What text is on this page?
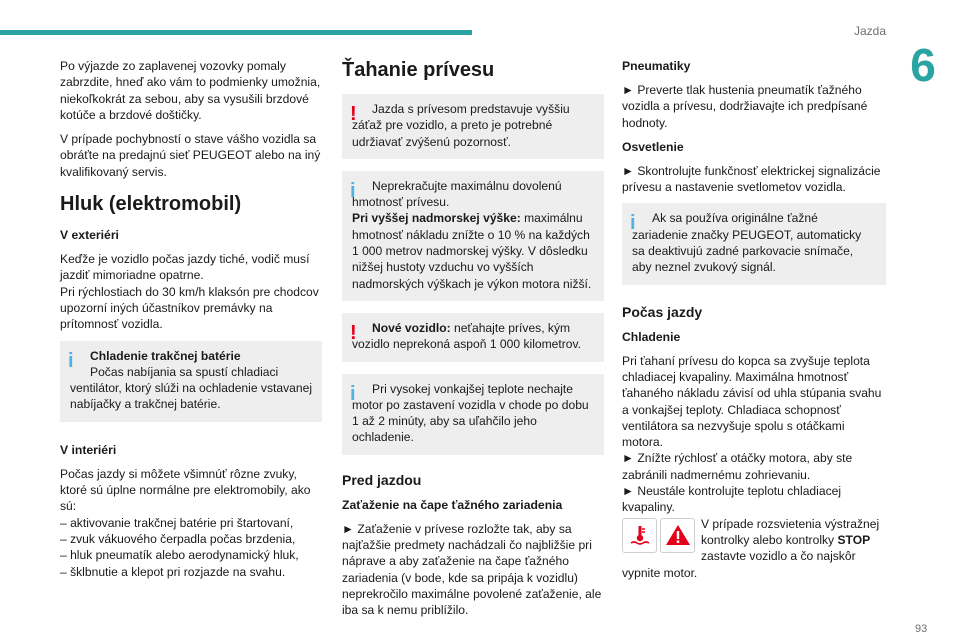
Jazda
6

Po výjazde zo zaplavenej vozovky pomaly zabrzdite, hneď ako vám to podmienky umožnia, niekoľkokrát za sebou, aby sa vysušili brzdové kotúče a brzdové doštičky.

V prípade pochybností o stave vášho vozidla sa obráťte na predajnú sieť PEUGEOT alebo na iný kvalifikovaný servis.

Hluk (elektromobil)
V exteriéri

Keďže je vozidlo počas jazdy tiché, vodič musí jazdiť mimoriadne opatrne.

Pri rýchlostiach do 30 km/h klaksón pre chodcov upozorní iných účastníkov premávky na prítomnosť vozidla.

i Chladenie trakčnej batérie

Počas nabíjania sa spustí chladiaci ventilátor, ktorý slúži na ochladenie vstavanej nabíjačky a trakčnej batérie.

V interiéri

Počas jazdy si môžete všimnúť rôzne zvuky, ktoré sú úplne normálne pre elektromobily, ako sú:

– aktivovanie trakčnej batérie pri štartovaní,
– zvuk vákuového čerpadla počas brzdenia,
– hluk pneumatík alebo aerodynamický hluk,
– šklbnutie a klepot pri rozjazde na svahu.
Ťahanie prívesu
!	Jazda s prívesom predstavuje vyššiu záťaž pre vozidlo, a preto je potrebné udržiavať zvýšenú pozornosť.

i	Neprekračujte maximálnu dovolenú hmotnosť prívesu.

Pri vyššej nadmorskej výške: maximálnu hmotnosť nákladu znížte o 10 % na každých 1 000 metrov nadmorskej výšky. V dôsledku nižšej hustoty vzduchu vo vyšších nadmorských výškach je výkon motora nižší.

!	Nové vozidlo: neťahajte príves, kým vozidlo neprekoná aspoň 1 000 kilometrov.

i	Pri vysokej vonkajšej teplote nechajte motor po zastavení vozidla v chode po dobu 1 až 2 minúty, aby sa uľahčilo jeho ochladenie.

Pred jazdou
Zaťaženie na čape ťažného zariadenia

► Zaťaženie v prívese rozložte tak, aby sa najťažšie predmety nachádzali čo najbližšie pri náprave a aby zaťaženie na čape ťažného zariadenia (v bode, kde sa pripája k vozidlu) neprekročilo maximálne povolené zaťaženie, ale iba sa k nemu priblížilo.

Pneumatiky

► Preverte tlak hustenia pneumatík ťažného vozidla a prívesu, dodržiavajte ich predpísané hodnoty.

Osvetlenie

► Skontrolujte funkčnosť elektrickej signalizácie prívesu a nastavenie svetlometov vozidla.

i	Ak sa používa originálne ťažné zariadenie značky PEUGEOT, automaticky sa deaktivujú zadné parkovacie snímače, aby neznel zvukový signál.

Počas jazdy
Chladenie

Pri ťahaní prívesu do kopca sa zvyšuje teplota chladiacej kvapaliny. Maximálna hmotnosť ťahaného nákladu závisí od uhla stúpania svahu a vonkajšej teploty. Chladiaca schopnosť ventilátora sa nezvyšuje spolu s otáčkami motora.

► Znížte rýchlosť a otáčky motora, aby ste zabránili nadmernému zohrievaniu.

► Neustále kontrolujte teplotu chladiacej kvapaliny.

V prípade rozsvietenia výstražnej kontrolky alebo kontrolky STOP zastavte vozidlo a čo najskôr vypnite motor.

93
